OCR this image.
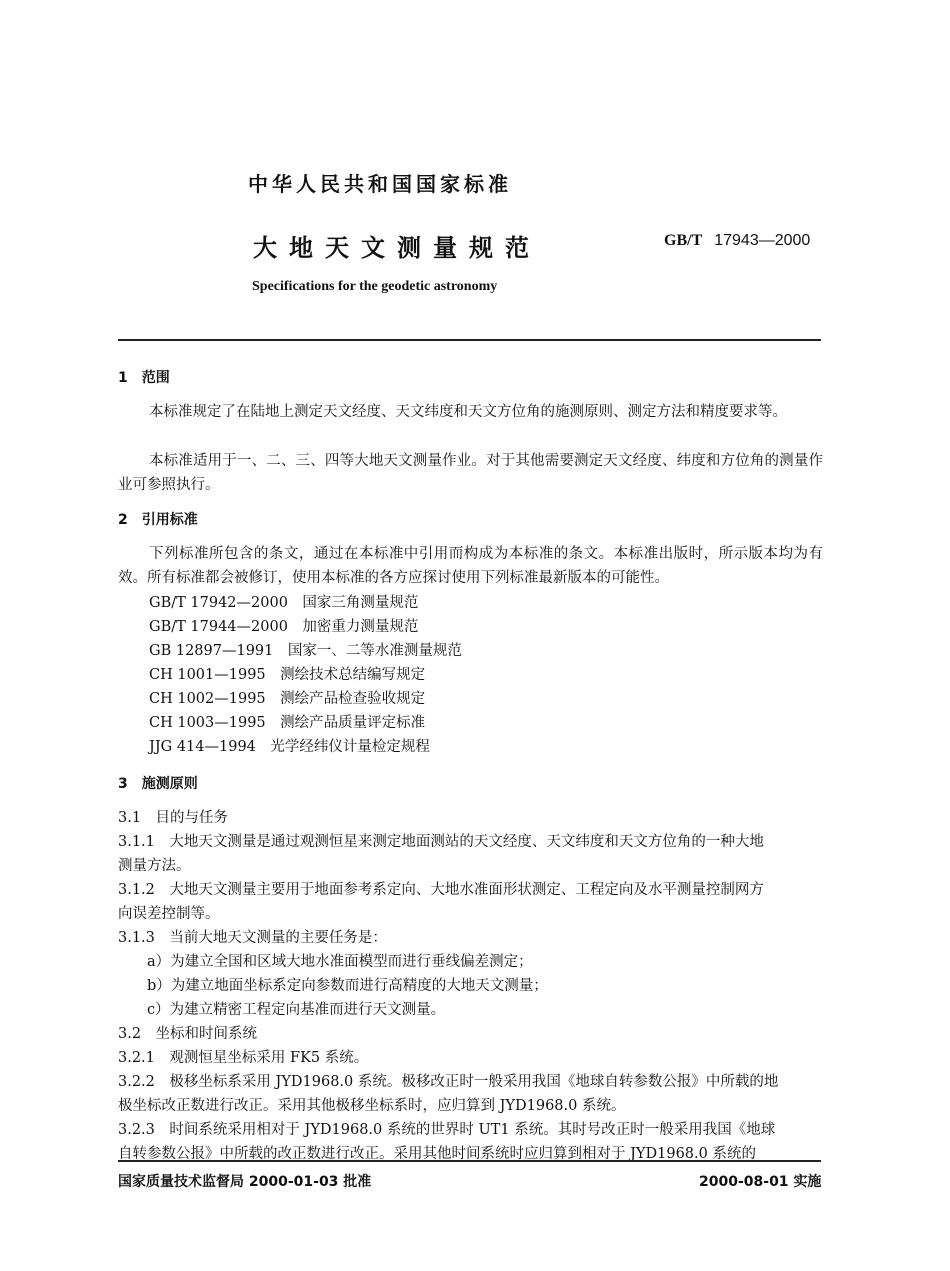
中华人民共和国国家标准
大地天文测量规范	GB/T 17943—2000
Specifications for the geodetic astronomy
1　范围
本标准规定了在陆地上测定天文经度、天文纬度和天文方位角的施测原则、测定方法和精度要求等。
本标准适用于一、二、三、四等大地天文测量作业。对于其他需要测定天文经度、纬度和方位角的测量作业可参照执行。
2　引用标准
下列标准所包含的条文，通过在本标准中引用而构成为本标准的条文。本标准出版时，所示版本均为有效。所有标准都会被修订，使用本标准的各方应探讨使用下列标准最新版本的可能性。
GB/T 17942—2000　国家三角测量规范
GB/T 17944—2000　加密重力测量规范
GB 12897—1991　国家一、二等水准测量规范
CH 1001—1995　测绘技术总结编写规定
CH 1002—1995　测绘产品检查验收规定
CH 1003—1995　测绘产品质量评定标准
JJG 414—1994　光学经纬仪计量检定规程
3　施测原则
3.1　目的与任务
3.1.1　大地天文测量是通过观测恒星来测定地面测站的天文经度、天文纬度和天文方位角的一种大地
测量方法。
3.1.2　大地天文测量主要用于地面参考系定向、大地水准面形状测定、工程定向及水平测量控制网方
向误差控制等。
3.1.3　当前大地天文测量的主要任务是：
a）为建立全国和区域大地水准面模型而进行垂线偏差测定；
b）为建立地面坐标系定向参数而进行高精度的大地天文测量；
c）为建立精密工程定向基准而进行天文测量。
3.2　坐标和时间系统
3.2.1　观测恒星坐标采用 FK5 系统。
3.2.2　极移坐标系采用 JYD1968.0 系统。极移改正时一般采用我国《地球自转参数公报》中所载的地
极坐标改正数进行改正。采用其他极移坐标系时，应归算到 JYD1968.0 系统。
3.2.3　时间系统采用相对于 JYD1968.0 系统的世界时 UT1 系统。其时号改正时一般采用我国《地球
自转参数公报》中所载的改正数进行改正。采用其他时间系统时应归算到相对于 JYD1968.0 系统的
国家质量技术监督局 2000-01-03 批准	2000-08-01 实施
